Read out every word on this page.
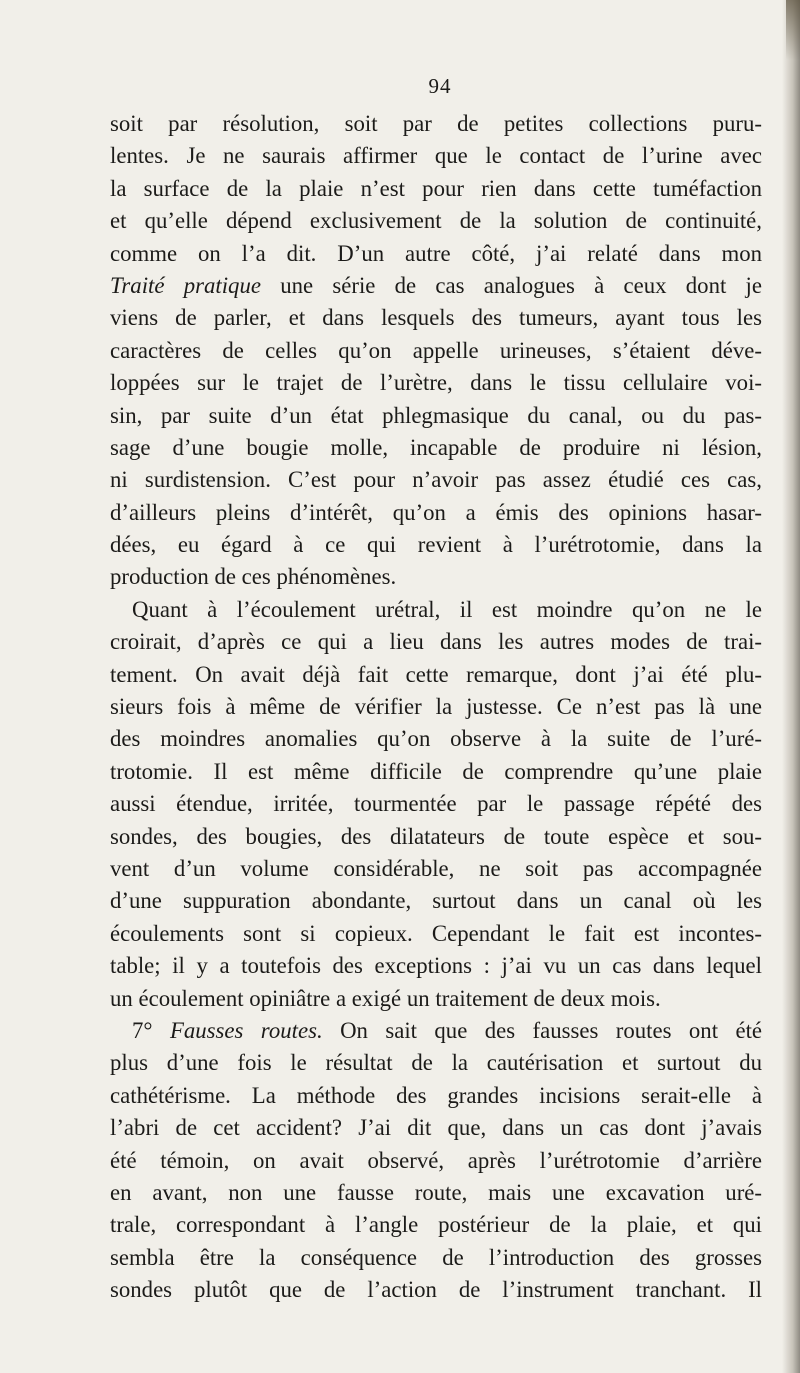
94
soit par résolution, soit par de petites collections puru-
lentes. Je ne saurais affirmer que le contact de l’urine avec
la surface de la plaie n’est pour rien dans cette tuméfaction
et qu’elle dépend exclusivement de la solution de continuité,
comme on l’a dit. D’un autre côté, j’ai relaté dans mon
Traité pratique une série de cas analogues à ceux dont je
viens de parler, et dans lesquels des tumeurs, ayant tous les
caractères de celles qu’on appelle urineuses, s’étaient déve-
loppées sur le trajet de l’urètre, dans le tissu cellulaire voi-
sin, par suite d’un état phlegmasique du canal, ou du pas-
sage d’une bougie molle, incapable de produire ni lésion,
ni surdistension. C’est pour n’avoir pas assez étudié ces cas,
d’ailleurs pleins d’intérêt, qu’on a émis des opinions hasar-
dées, eu égard à ce qui revient à l’urétrotomie, dans la
production de ces phénomènes.
Quant à l’écoulement urétral, il est moindre qu’on ne le
croirait, d’après ce qui a lieu dans les autres modes de trai-
tement. On avait déjà fait cette remarque, dont j’ai été plu-
sieurs fois à même de vérifier la justesse. Ce n’est pas là une
des moindres anomalies qu’on observe à la suite de l’uré-
trotomie. Il est même difficile de comprendre qu’une plaie
aussi étendue, irritée, tourmentée par le passage répété des
sondes, des bougies, des dilatateurs de toute espèce et sou-
vent d’un volume considérable, ne soit pas accompagnée
d’une suppuration abondante, surtout dans un canal où les
écoulements sont si copieux. Cependant le fait est incontes-
table; il y a toutefois des exceptions : j’ai vu un cas dans lequel
un écoulement opiniâtre a exigé un traitement de deux mois.
7° Fausses routes. On sait que des fausses routes ont été
plus d’une fois le résultat de la cautérisation et surtout du
cathétérisme. La méthode des grandes incisions serait-elle à
l’abri de cet accident? J’ai dit que, dans un cas dont j’avais
été témoin, on avait observé, après l’urétrotomie d’arrière
en avant, non une fausse route, mais une excavation uré-
trale, correspondant à l’angle postérieur de la plaie, et qui
sembla être la conséquence de l’introduction des grosses
sondes plutôt que de l’action de l’instrument tranchant. Il
